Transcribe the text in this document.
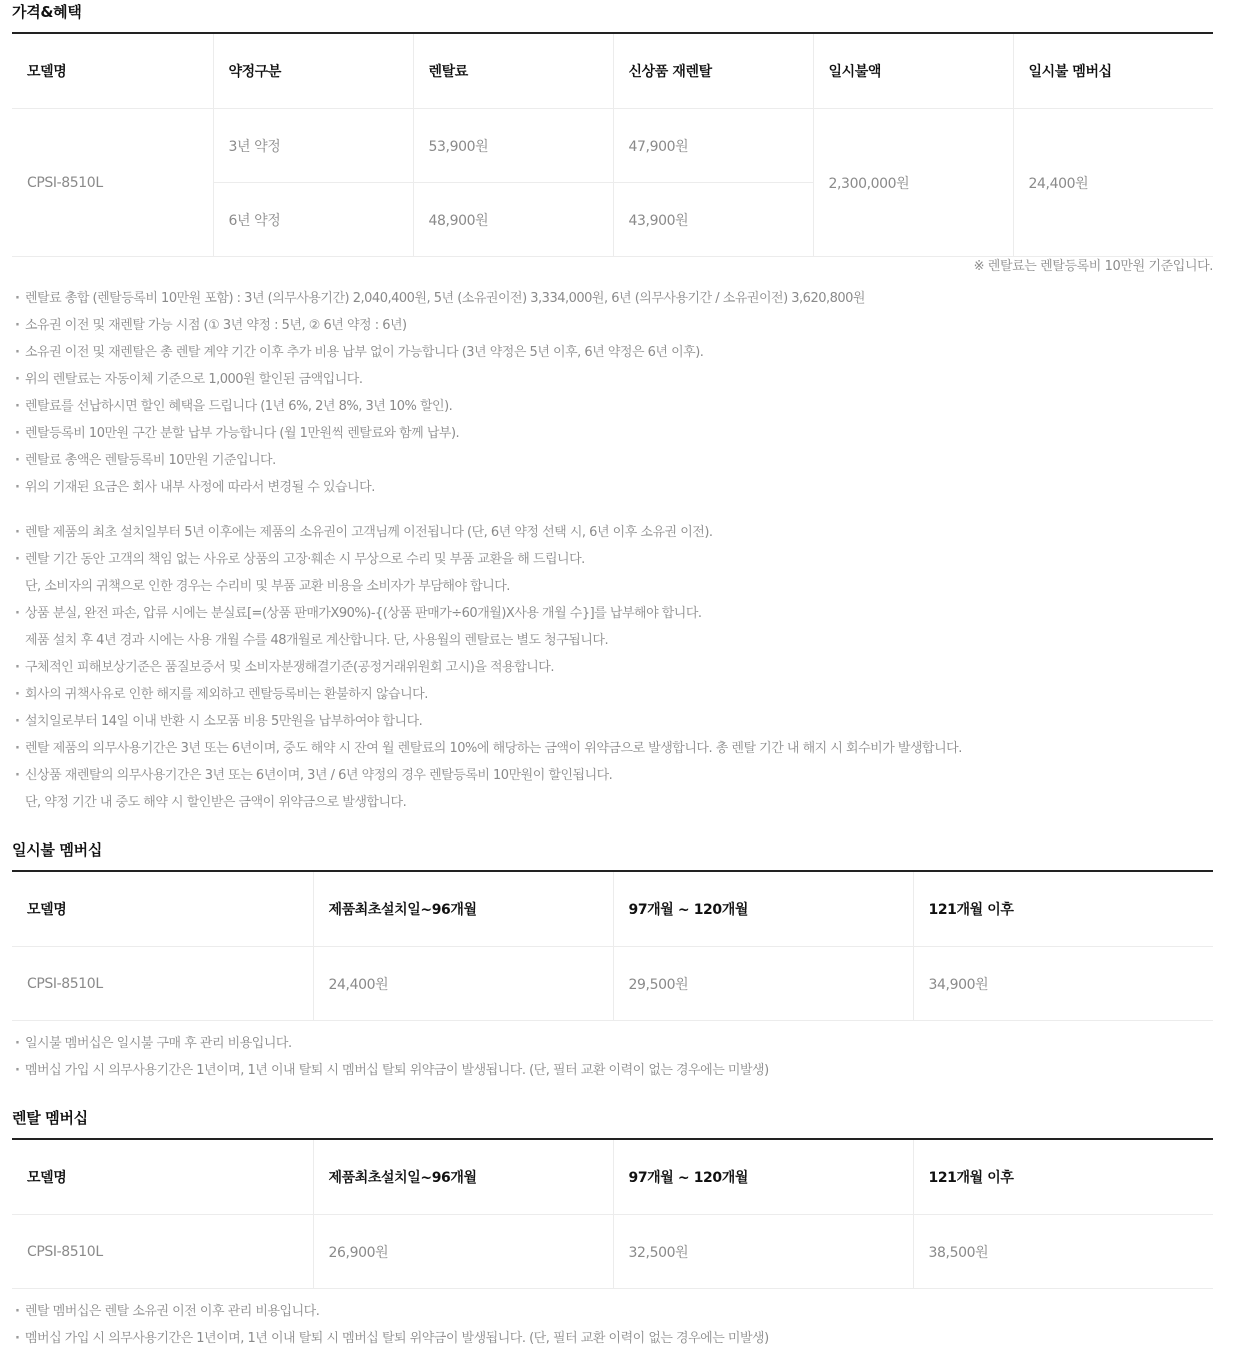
가격&혜택
모델명	약정구분	렌탈료	신상품 재렌탈	일시불액	일시불 멤버십
CPSI-8510L	3년 약정	53,900원	47,900원	2,300,000원	24,400원
	6년 약정	48,900원	43,900원		
※ 렌탈료는 렌탈등록비 10만원 기준입니다.
· 렌탈료 총합 (렌탈등록비 10만원 포함) : 3년 (의무사용기간) 2,040,400원, 5년 (소유권이전) 3,334,000원, 6년 (의무사용기간 / 소유권이전) 3,620,800원
· 소유권 이전 및 재렌탈 가능 시점 (① 3년 약정 : 5년, ② 6년 약정 : 6년)
· 소유권 이전 및 재렌탈은 총 렌탈 계약 기간 이후 추가 비용 납부 없이 가능합니다 (3년 약정은 5년 이후, 6년 약정은 6년 이후).
· 위의 렌탈료는 자동이체 기준으로 1,000원 할인된 금액입니다.
· 렌탈료를 선납하시면 할인 혜택을 드립니다 (1년 6%, 2년 8%, 3년 10% 할인).
· 렌탈등록비 10만원 구간 분할 납부 가능합니다 (월 1만원씩 렌탈료와 함께 납부).
· 렌탈료 총액은 렌탈등록비 10만원 기준입니다.
· 위의 기재된 요금은 회사 내부 사정에 따라서 변경될 수 있습니다.
· 렌탈 제품의 최초 설치일부터 5년 이후에는 제품의 소유권이 고객님께 이전됩니다 (단, 6년 약정 선택 시, 6년 이후 소유권 이전).
· 렌탈 기간 동안 고객의 책임 없는 사유로 상품의 고장·훼손 시 무상으로 수리 및 부품 교환을 해 드립니다.
단, 소비자의 귀책으로 인한 경우는 수리비 및 부품 교환 비용을 소비자가 부담해야 합니다.
· 상품 분실, 완전 파손, 압류 시에는 분실료[=(상품 판매가X90%)-{(상품 판매가÷60개월)X사용 개월 수}]를 납부해야 합니다.
제품 설치 후 4년 경과 시에는 사용 개월 수를 48개월로 계산합니다. 단, 사용월의 렌탈료는 별도 청구됩니다.
· 구체적인 피해보상기준은 품질보증서 및 소비자분쟁해결기준(공정거래위원회 고시)을 적용합니다.
· 회사의 귀책사유로 인한 해지를 제외하고 렌탈등록비는 환불하지 않습니다.
· 설치일로부터 14일 이내 반환 시 소모품 비용 5만원을 납부하여야 합니다.
· 렌탈 제품의 의무사용기간은 3년 또는 6년이며, 중도 해약 시 잔여 월 렌탈료의 10%에 해당하는 금액이 위약금으로 발생합니다. 총 렌탈 기간 내 해지 시 회수비가 발생합니다.
· 신상품 재렌탈의 의무사용기간은 3년 또는 6년이며, 3년 / 6년 약정의 경우 렌탈등록비 10만원이 할인됩니다.
단, 약정 기간 내 중도 해약 시 할인받은 금액이 위약금으로 발생합니다.
일시불 멤버십
모델명	제품최초설치일~96개월	97개월 ~ 120개월	121개월 이후
CPSI-8510L	24,400원	29,500원	34,900원
· 일시불 멤버십은 일시불 구매 후 관리 비용입니다.
· 멤버십 가입 시 의무사용기간은 1년이며, 1년 이내 탈퇴 시 멤버십 탈퇴 위약금이 발생됩니다. (단, 필터 교환 이력이 없는 경우에는 미발생)
렌탈 멤버십
모델명	제품최초설치일~96개월	97개월 ~ 120개월	121개월 이후
CPSI-8510L	26,900원	32,500원	38,500원
· 렌탈 멤버십은 렌탈 소유권 이전 이후 관리 비용입니다.
· 멤버십 가입 시 의무사용기간은 1년이며, 1년 이내 탈퇴 시 멤버십 탈퇴 위약금이 발생됩니다. (단, 필터 교환 이력이 없는 경우에는 미발생)
